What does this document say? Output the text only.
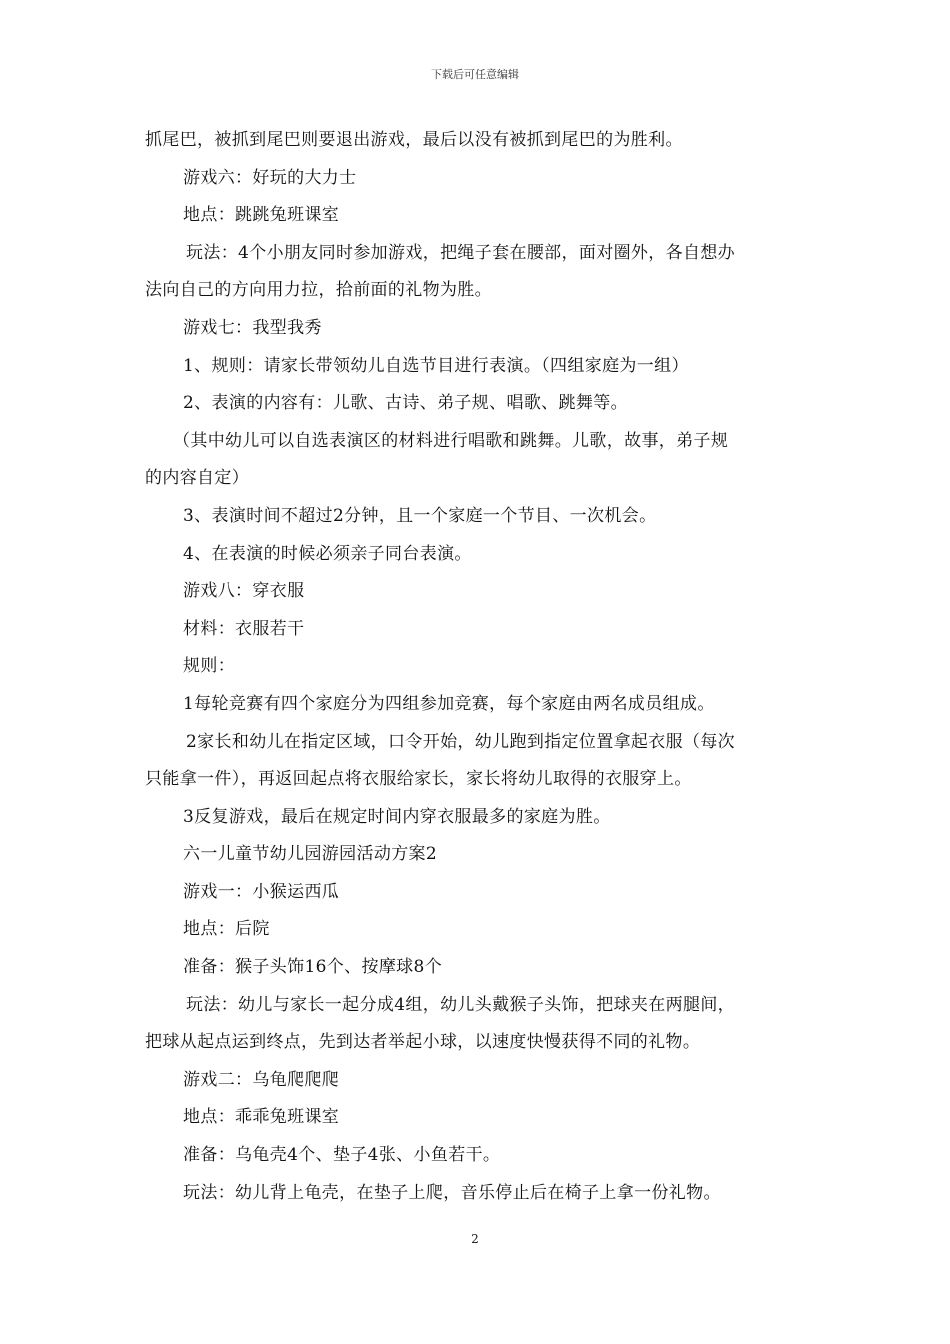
下载后可任意编辑
抓尾巴，被抓到尾巴则要退出游戏，最后以没有被抓到尾巴的为胜利。
游戏六：好玩的大力士
地点：跳跳兔班课室
玩法：4个小朋友同时参加游戏，把绳子套在腰部，面对圈外，各自想办
法向自己的方向用力拉，拾前面的礼物为胜。
游戏七：我型我秀
1、规则：请家长带领幼儿自选节目进行表演。（四组家庭为一组）
2、表演的内容有：儿歌、古诗、弟子规、唱歌、跳舞等。
（其中幼儿可以自选表演区的材料进行唱歌和跳舞。儿歌，故事，弟子规
的内容自定）
3、表演时间不超过2分钟，且一个家庭一个节目、一次机会。
4、在表演的时候必须亲子同台表演。
游戏八：穿衣服
材料：衣服若干
规则：
1每轮竞赛有四个家庭分为四组参加竞赛，每个家庭由两名成员组成。
2家长和幼儿在指定区域，口令开始，幼儿跑到指定位置拿起衣服（每次
只能拿一件），再返回起点将衣服给家长，家长将幼儿取得的衣服穿上。
3反复游戏，最后在规定时间内穿衣服最多的家庭为胜。
六一儿童节幼儿园游园活动方案2
游戏一：小猴运西瓜
地点：后院
准备：猴子头饰16个、按摩球8个
玩法：幼儿与家长一起分成4组，幼儿头戴猴子头饰，把球夹在两腿间，
把球从起点运到终点，先到达者举起小球，以速度快慢获得不同的礼物。
游戏二：乌龟爬爬爬
地点：乖乖兔班课室
准备：乌龟壳4个、垫子4张、小鱼若干。
玩法：幼儿背上龟壳，在垫子上爬，音乐停止后在椅子上拿一份礼物。
2
